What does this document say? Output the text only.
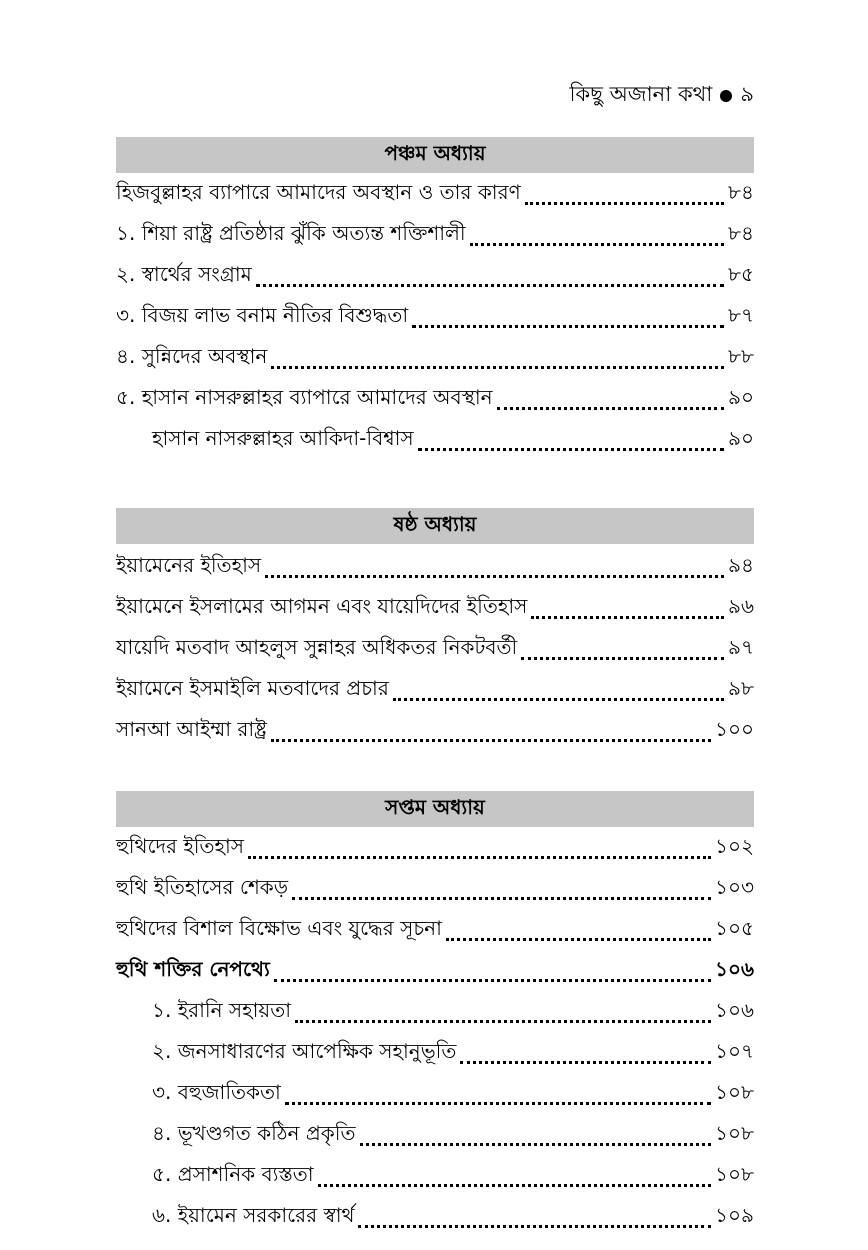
কিছু অজানা কথা ৯
পঞ্চম অধ্যায়
হিজবুল্লাহর ব্যাপারে আমাদের অবস্থান ও তার কারণ	৮৪
১. শিয়া রাষ্ট্র প্রতিষ্ঠার ঝুঁকি অত্যন্ত শক্তিশালী	৮৪
২. স্বার্থের সংগ্রাম	৮৫
৩. বিজয় লাভ বনাম নীতির বিশুদ্ধতা	৮৭
৪. সুন্নিদের অবস্থান	৮৮
৫. হাসান নাসরুল্লাহর ব্যাপারে আমাদের অবস্থান	৯০
হাসান নাসরুল্লাহর আকিদা-বিশ্বাস	৯০
ষষ্ঠ অধ্যায়
ইয়ামেনের ইতিহাস	৯৪
ইয়ামেনে ইসলামের আগমন এবং যায়েদিদের ইতিহাস	৯৬
যায়েদি মতবাদ আহলুস সুন্নাহর অধিকতর নিকটবর্তী	৯৭
ইয়ামেনে ইসমাইলি মতবাদের প্রচার	৯৮
সানআ আইম্মা রাষ্ট্র	১০০
সপ্তম অধ্যায়
হুথিদের ইতিহাস	১০২
হুথি ইতিহাসের শেকড়	১০৩
হুথিদের বিশাল বিক্ষোভ এবং যুদ্ধের সূচনা	১০৫
হুথি শক্তির নেপথ্যে	১০৬
১. ইরানি সহায়তা	১০৬
২. জনসাধারণের আপেক্ষিক সহানুভূতি	১০৭
৩. বহুজাতিকতা	১০৮
৪. ভূখণ্ডগত কঠিন প্রকৃতি	১০৮
৫. প্রসাশনিক ব্যস্ততা	১০৮
৬. ইয়ামেন সরকারের স্বার্থ	১০৯
